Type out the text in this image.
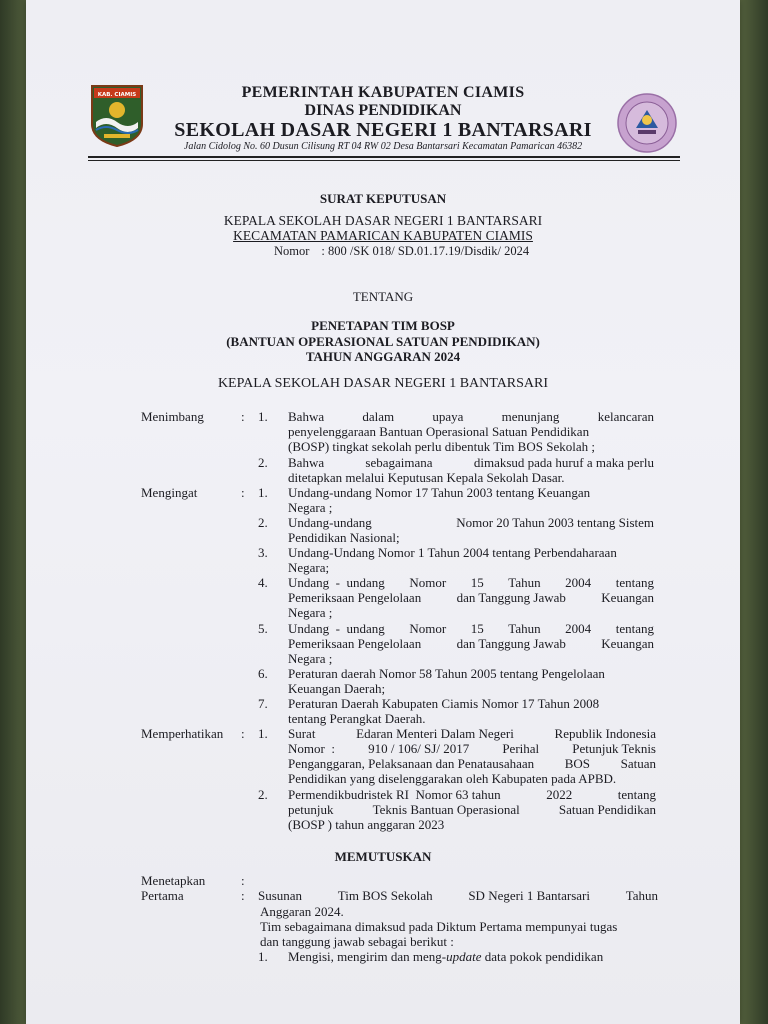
KAB. CIAMIS	PEMERINTAH KABUPATEN CIAMIS
DINAS PENDIDIKAN
SEKOLAH DASAR NEGERI 1 BANTARSARI
Jalan Cidolog No. 60 Dusun Cilisung RT 04 RW 02 Desa Bantarsari Kecamatan Pamarican 46382
SURAT KEPUTUSAN
KEPALA SEKOLAH DASAR NEGERI 1 BANTARSARI
KECAMATAN PAMARICAN KABUPATEN CIAMIS
Nomor : 800 /SK 018/ SD.01.17.19/Disdik/ 2024
TENTANG
PENETAPAN TIM BOSP
(BANTUAN OPERASIONAL SATUAN PENDIDIKAN)
TAHUN ANGGARAN 2024
KEPALA SEKOLAH DASAR NEGERI 1 BANTARSARI
Menimbang	: 1. Bahwa	dalam	upaya	menunjang	kelancaran
penyelenggaraan Bantuan Operasional Satuan Pendidikan
(BOSP) tingkat sekolah perlu dibentuk Tim BOS Sekolah ;
2. Bahwa	sebagaimana	dimaksud pada huruf a maka perlu
ditetapkan melalui Keputusan Kepala Sekolah Dasar.
Mengingat	: 1. Undang-undang Nomor 17 Tahun 2003 tentang Keuangan
Negara ;
2. Undang-undang	Nomor 20 Tahun 2003 tentang Sistem
Pendidikan Nasional;
3. Undang-Undang Nomor 1 Tahun 2004 tentang Perbendaharaan
Negara;
4. Undang  -  undang Nomor 15 Tahun 2004 tentang
Pemeriksaan Pengelolaan	dan Tanggung Jawab	Keuangan
Negara ;
5. Undang  -  undang Nomor 15 Tahun 2004 tentang
Pemeriksaan Pengelolaan	dan Tanggung Jawab	Keuangan
Negara ;
6. Peraturan daerah Nomor 58 Tahun 2005 tentang Pengelolaan
Keuangan Daerah;
7. Peraturan Daerah Kabupaten Ciamis Nomor 17 Tahun 2008
tentang Perangkat Daerah.
Memperhatikan : 1. Surat	Edaran Menteri Dalam Negeri	Republik Indonesia
Nomor  :	910 / 106/ SJ/ 2017	Perihal	Petunjuk Teknis
Penganggaran, Pelaksanaan dan Penatausahaan BOS Satuan
Pendidikan yang diselenggarakan oleh Kabupaten pada APBD.
2. Permendikbudristek RI  Nomor 63 tahun	2022	tentang
petunjuk	Teknis Bantuan Operasional	Satuan Pendidikan
(BOSP ) tahun anggaran 2023
MEMUTUSKAN
Menetapkan	:
Pertama	: Susunan	Tim BOS Sekolah	SD Negeri 1 Bantarsari	Tahun
Anggaran 2024.
Tim sebagaimana dimaksud pada Diktum Pertama mempunyai tugas
dan tanggung jawab sebagai berikut :
1. Mengisi, mengirim dan meng-update data pokok pendidikan
